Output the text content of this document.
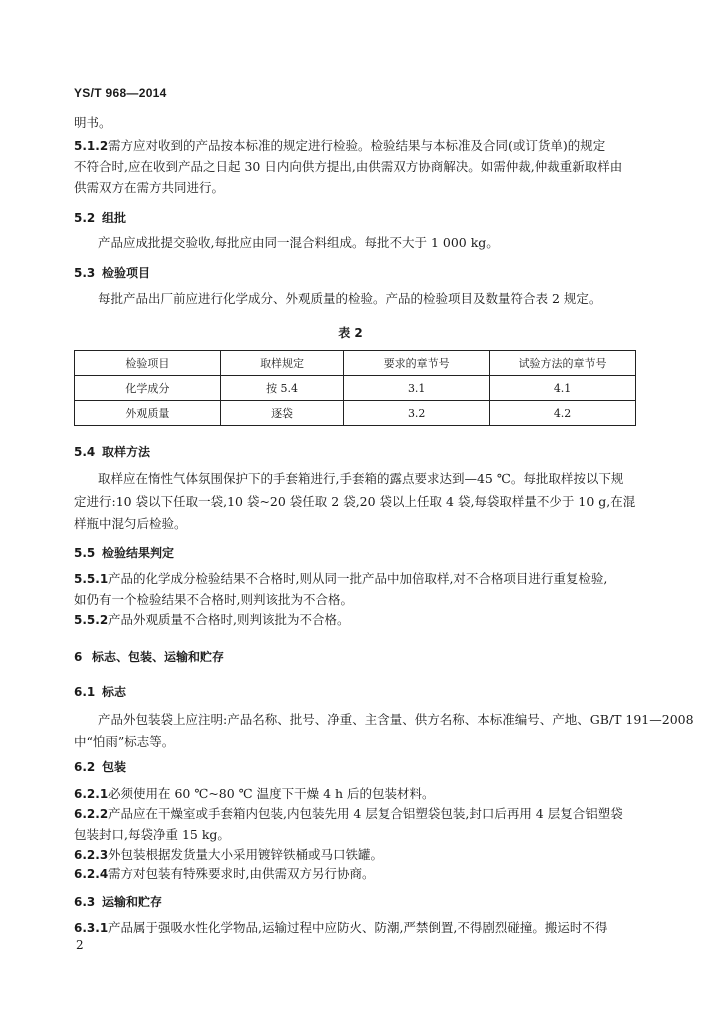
YS/T 968—2014
明书。
5.1.2 需方应对收到的产品按本标准的规定进行检验。检验结果与本标准及合同(或订货单)的规定
不符合时,应在收到产品之日起 30 日内向供方提出,由供需双方协商解决。如需仲裁,仲裁重新取样由
供需双方在需方共同进行。
5.2 组批
产品应成批提交验收,每批应由同一混合料组成。每批不大于 1 000 kg。
5.3 检验项目
每批产品出厂前应进行化学成分、外观质量的检验。产品的检验项目及数量符合表 2 规定。
表 2
检验项目	取样规定	要求的章节号	试验方法的章节号
化学成分	按 5.4	3.1	4.1
外观质量	逐袋	3.2	4.2
5.4 取样方法
取样应在惰性气体氛围保护下的手套箱进行,手套箱的露点要求达到—45 ℃。每批取样按以下规
定进行:10 袋以下任取一袋,10 袋~20 袋任取 2 袋,20 袋以上任取 4 袋,每袋取样量不少于 10 g,在混
样瓶中混匀后检验。
5.5 检验结果判定
5.5.1 产品的化学成分检验结果不合格时,则从同一批产品中加倍取样,对不合格项目进行重复检验,
如仍有一个检验结果不合格时,则判该批为不合格。
5.5.2 产品外观质量不合格时,则判该批为不合格。
6 标志、包装、运输和贮存
6.1 标志
产品外包装袋上应注明:产品名称、批号、净重、主含量、供方名称、本标准编号、产地、GB/T 191—2008
中“怕雨”标志等。
6.2 包装
6.2.1 必须使用在 60 ℃~80 ℃ 温度下干燥 4 h 后的包装材料。
6.2.2 产品应在干燥室或手套箱内包装,内包装先用 4 层复合铝塑袋包装,封口后再用 4 层复合铝塑袋
包装封口,每袋净重 15 kg。
6.2.3 外包装根据发货量大小采用镀锌铁桶或马口铁罐。
6.2.4 需方对包装有特殊要求时,由供需双方另行协商。
6.3 运输和贮存
6.3.1 产品属于强吸水性化学物品,运输过程中应防火、防潮,严禁倒置,不得剧烈碰撞。搬运时不得
2
